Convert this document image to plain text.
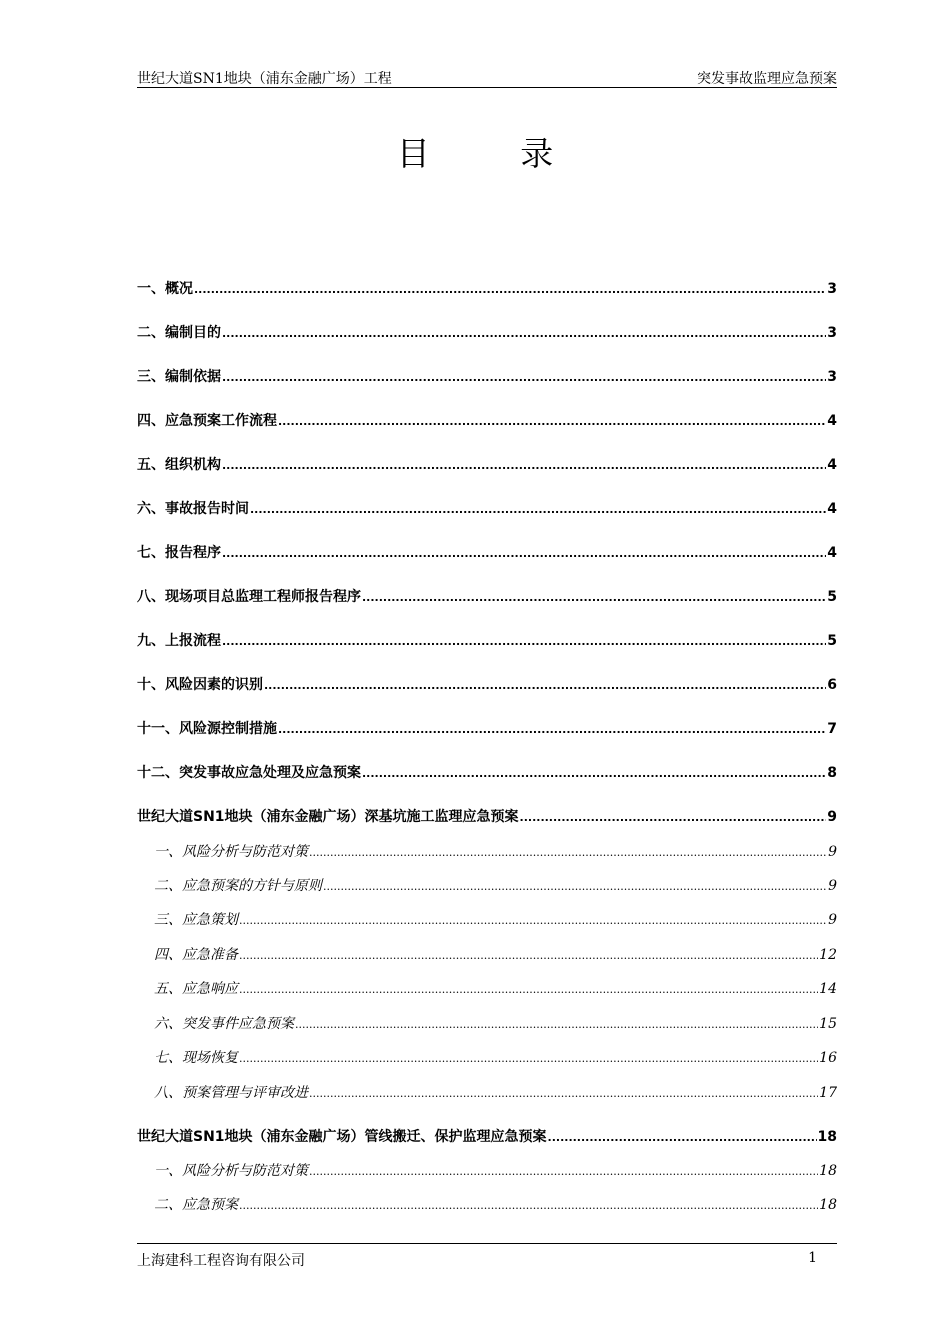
世纪大道SN1地块（浦东金融广场）工程	突发事故监理应急预案
目 录
一、概况 .....	3
二、编制目的 .....	3
三、编制依据 .....	3
四、应急预案工作流程 .....	4
五、组织机构 .....	4
六、事故报告时间 .....	4
七、报告程序 .....	4
八、现场项目总监理工程师报告程序 .....	5
九、上报流程 .....	5
十、风险因素的识别 .....	6
十一、风险源控制措施 .....	7
十二、突发事故应急处理及应急预案 .....	8
世纪大道SN1地块（浦东金融广场）深基坑施工监理应急预案 .....	9
一、风险分析与防范对策 .....	9
二、应急预案的方针与原则 .....	9
三、应急策划 .....	9
四、应急准备 .....	12
五、应急响应 .....	14
六、突发事件应急预案 .....	15
七、现场恢复 .....	16
八、预案管理与评审改进 .....	17
世纪大道SN1地块（浦东金融广场）管线搬迁、保护监理应急预案 .....	18
一、风险分析与防范对策 .....	18
二、应急预案 .....	18
上海建科工程咨询有限公司	1
